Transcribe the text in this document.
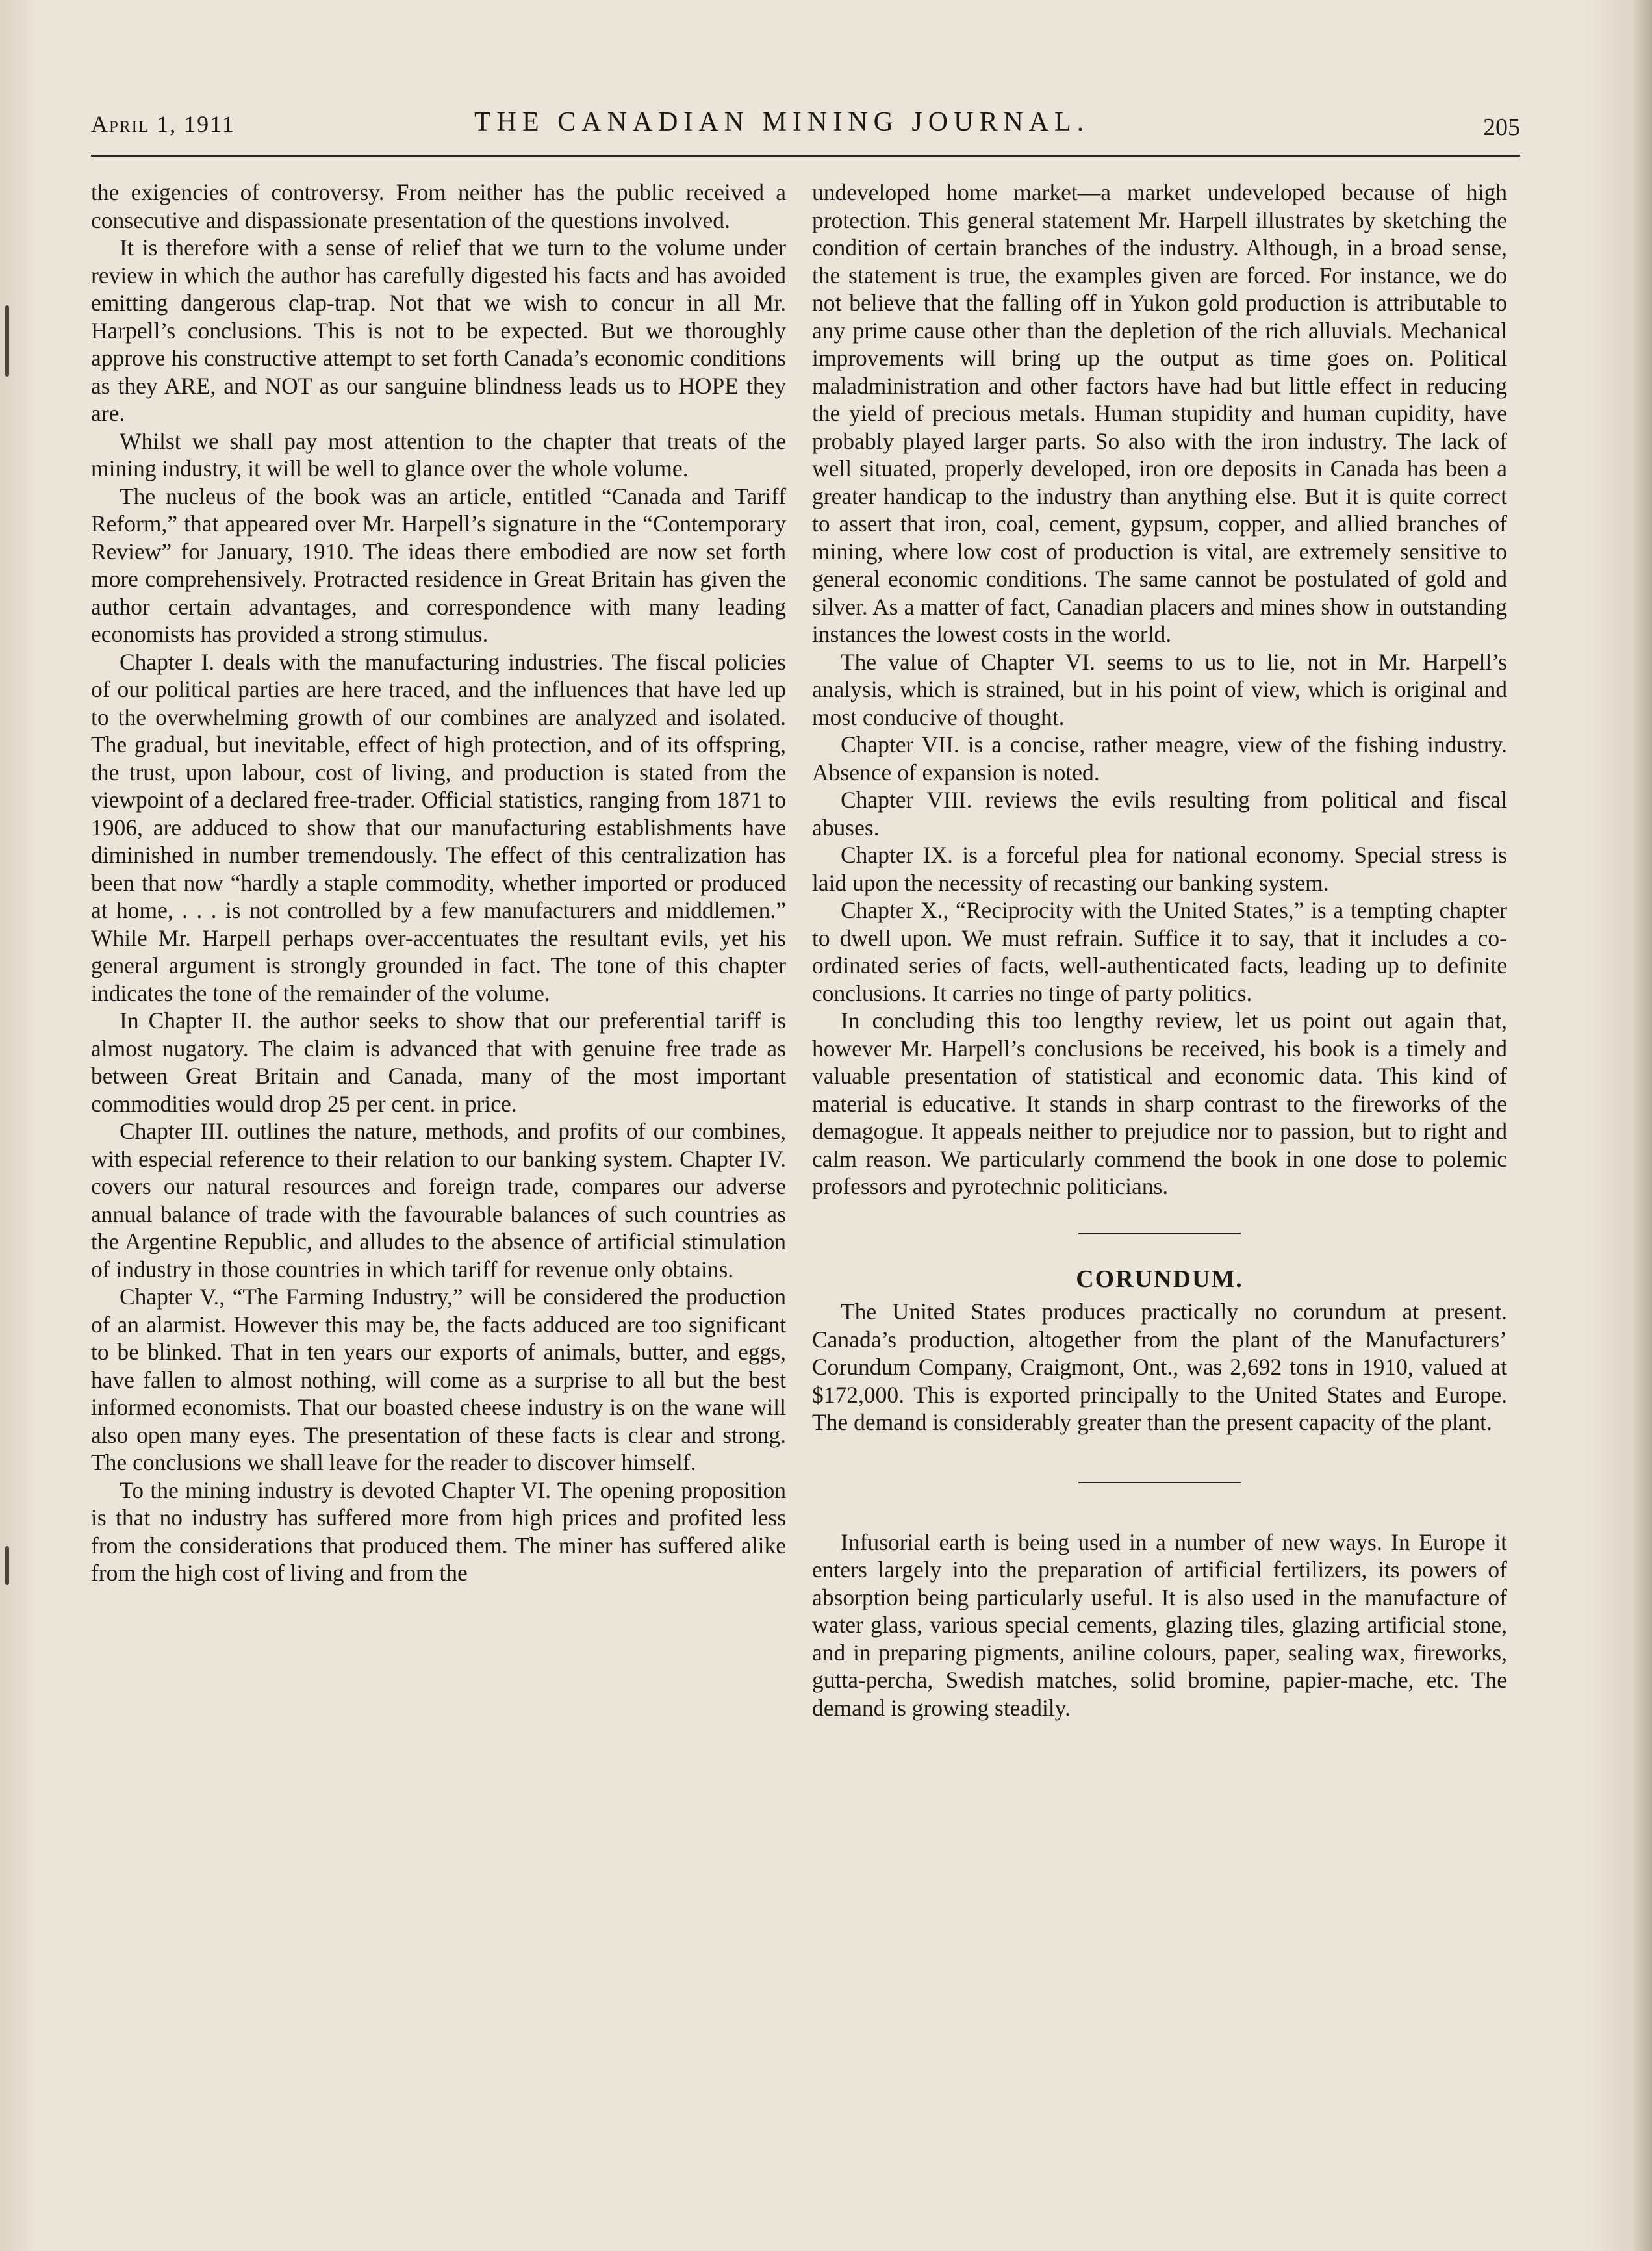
April 1, 1911	THE CANADIAN MINING JOURNAL.	205

the exigencies of controversy. From neither has the public received a consecutive and dispassionate presentation of the questions involved.

It is therefore with a sense of relief that we turn to the volume under review in which the author has carefully digested his facts and has avoided emitting dangerous clap-trap. Not that we wish to concur in all Mr. Harpell’s conclusions. This is not to be expected. But we thoroughly approve his constructive attempt to set forth Canada’s economic conditions as they ARE, and NOT as our sanguine blindness leads us to HOPE they are.

Whilst we shall pay most attention to the chapter that treats of the mining industry, it will be well to glance over the whole volume.

The nucleus of the book was an article, entitled “Canada and Tariff Reform,” that appeared over Mr. Harpell’s signature in the “Contemporary Review” for January, 1910. The ideas there embodied are now set forth more comprehensively. Protracted residence in Great Britain has given the author certain advantages, and correspondence with many leading economists has provided a strong stimulus.

Chapter I. deals with the manufacturing industries. The fiscal policies of our political parties are here traced, and the influences that have led up to the overwhelming growth of our combines are analyzed and isolated. The gradual, but inevitable, effect of high protection, and of its offspring, the trust, upon labour, cost of living, and production is stated from the viewpoint of a declared free-trader. Official statistics, ranging from 1871 to 1906, are adduced to show that our manufacturing establishments have diminished in number tremendously. The effect of this centralization has been that now “hardly a staple commodity, whether imported or produced at home, . . . is not controlled by a few manufacturers and middlemen.” While Mr. Harpell perhaps over-accentuates the resultant evils, yet his general argument is strongly grounded in fact. The tone of this chapter indicates the tone of the remainder of the volume.

In Chapter II. the author seeks to show that our preferential tariff is almost nugatory. The claim is advanced that with genuine free trade as between Great Britain and Canada, many of the most important commodities would drop 25 per cent. in price.

Chapter III. outlines the nature, methods, and profits of our combines, with especial reference to their relation to our banking system. Chapter IV. covers our natural resources and foreign trade, compares our adverse annual balance of trade with the favourable balances of such countries as the Argentine Republic, and alludes to the absence of artificial stimulation of industry in those countries in which tariff for revenue only obtains.

Chapter V., “The Farming Industry,” will be considered the production of an alarmist. However this may be, the facts adduced are too significant to be blinked. That in ten years our exports of animals, butter, and eggs, have fallen to almost nothing, will come as a surprise to all but the best informed economists. That our boasted cheese industry is on the wane will also open many eyes. The presentation of these facts is clear and strong. The conclusions we shall leave for the reader to discover himself.

To the mining industry is devoted Chapter VI. The opening proposition is that no industry has suffered more from high prices and profited less from the considerations that produced them. The miner has suffered alike from the high cost of living and from the

undeveloped home market—a market undeveloped because of high protection. This general statement Mr. Harpell illustrates by sketching the condition of certain branches of the industry. Although, in a broad sense, the statement is true, the examples given are forced. For instance, we do not believe that the falling off in Yukon gold production is attributable to any prime cause other than the depletion of the rich alluvials. Mechanical improvements will bring up the output as time goes on. Political maladministration and other factors have had but little effect in reducing the yield of precious metals. Human stupidity and human cupidity, have probably played larger parts. So also with the iron industry. The lack of well situated, properly developed, iron ore deposits in Canada has been a greater handicap to the industry than anything else. But it is quite correct to assert that iron, coal, cement, gypsum, copper, and allied branches of mining, where low cost of production is vital, are extremely sensitive to general economic conditions. The same cannot be postulated of gold and silver. As a matter of fact, Canadian placers and mines show in outstanding instances the lowest costs in the world.

The value of Chapter VI. seems to us to lie, not in Mr. Harpell’s analysis, which is strained, but in his point of view, which is original and most conducive of thought.

Chapter VII. is a concise, rather meagre, view of the fishing industry. Absence of expansion is noted.

Chapter VIII. reviews the evils resulting from political and fiscal abuses.

Chapter IX. is a forceful plea for national economy. Special stress is laid upon the necessity of recasting our banking system.

Chapter X., “Reciprocity with the United States,” is a tempting chapter to dwell upon. We must refrain. Suffice it to say, that it includes a co-ordinated series of facts, well-authenticated facts, leading up to definite conclusions. It carries no tinge of party politics.

In concluding this too lengthy review, let us point out again that, however Mr. Harpell’s conclusions be received, his book is a timely and valuable presentation of statistical and economic data. This kind of material is educative. It stands in sharp contrast to the fireworks of the demagogue. It appeals neither to prejudice nor to passion, but to right and calm reason. We particularly commend the book in one dose to polemic professors and pyrotechnic politicians.

CORUNDUM.

The United States produces practically no corundum at present. Canada’s production, altogether from the plant of the Manufacturers’ Corundum Company, Craigmont, Ont., was 2,692 tons in 1910, valued at $172,000. This is exported principally to the United States and Europe. The demand is considerably greater than the present capacity of the plant.

Infusorial earth is being used in a number of new ways. In Europe it enters largely into the preparation of artificial fertilizers, its powers of absorption being particularly useful. It is also used in the manufacture of water glass, various special cements, glazing tiles, glazing artificial stone, and in preparing pigments, aniline colours, paper, sealing wax, fireworks, gutta-percha, Swedish matches, solid bromine, papier-mache, etc. The demand is growing steadily.
